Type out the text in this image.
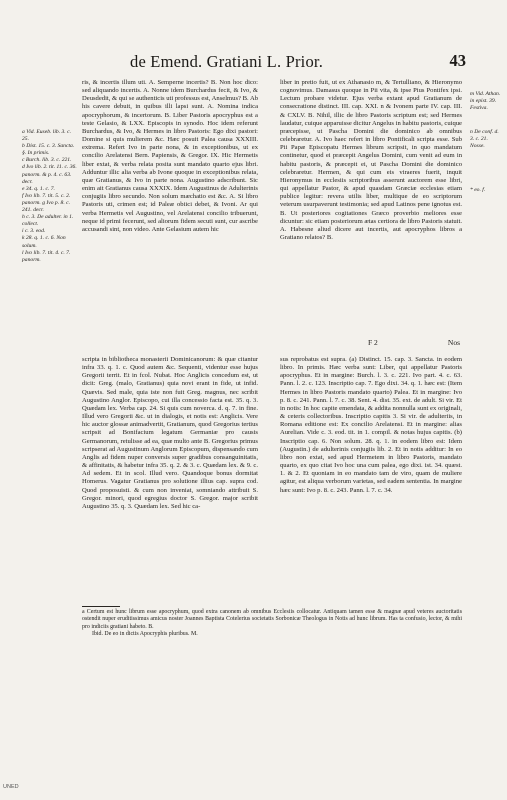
de Emend. Gratiani L. Prior.	43

a Vid. Euseb. lib. 3. c. 25.

b Dist. 15. c. 3. Sancta. §. In primis.

c Burch. lib. 3. c. 221.

d Ivo lib. 2. tit. 11. c. 36. panorm. & p. 4. c. 63. decr.

e 34. q. 1. c. 7.

f Ivo lib. 7. tit. 5. c. 2. panorm. g Ivo p. 8. c. 241. decr.

h c. 3. De adulter. in 1. collect.

i c. 3. eod.

k 28. q. 1. c. 6. Non solum.

l Ivo lib. 7. tit. 4. c. 7. panorm.

ris, & incertis illum uti. A. Semperne incertis? B. Non hoc dico: sed aliquando incertis. A. Nonne idem Burchardus fecit, & Ivo, & Deusdedit, & qui se authenticis uti professus est, Anselmus? B. Ab his cavere debuit, in quibus illi lapsi sunt. A. Nomina indica apocryphorum, & incertorum. B. Liber Pastoris apocryphus est a teste Gelasio, & LXX. Episcopis in synodo. Hoc idem referunt Burchardus, & Ivo, & Hermes in libro Pastoris: Ego dixi pastori: Domine si quis mulierem &c. Hæc posuit Palea causa XXXIII. extrema. Refert Ivo in parte nona, & in exceptionibus, ut ex concilio Arelatensi Bern. Papiensis, & Gregor. IX. Hic Hermetis liber extat, & verba relata posita sunt mandato quarto ejus libri. Adduntur illic alia verba ab Ivone quoque in exceptionibus relata, quæ Gratianus, & Ivo in parte nona. Augustino adscribunt. Sic enim ait Gratianus causa XXXIX. Idem Augustinus de Adulterinis conjugiis libro secundo. Non solum mæchatio est &c. A. Si libro Pastoris uti, crimen est; id Paleæ obiici debet, & Ivoni. Ar qui verba Hermetis vel Augustino, vel Arelatensi concilio tribuerunt, neque id primi fecerunt, sed aliorum fidem secuti sunt, cur ascribe accusandi sint, non video. Ante Gelasium autem hic

liber in pretio fuit, ut ex Athanasio m, & Tertulliano, & Hieronymo cognovimus. Damasus quoque in Pii vita, & ipse Pius Pontifex ipsi. Lectum probare videtur. Ejus verba extant apud Gratianum de consecratione distinct. III. cap. XXI. n & Ivonem parte IV. cap. III. & CXLV. B. Nihil, illic de libro Pastoris scriptum est; sed Hermes laudatur, cuique apparuisse dicitur Angelus in habitu pastoris, cuique præcepisse, ut Pascha Domini die dominico ab omnibus celebraretur. A. Ivo haec refert in libro Pontificali scripta esse. Sub Pii Papæ Episcopatu Hermes librum scripsit, in quo mandatum continetur, quod ei præcepit Angelus Domini, cum venit ad eum in habitu pastoris, & præcepit ei, ut Pascha Domini die dominico celebraretur. Hermen, & qui cum eis viraeres fuerit, inquit Hieronymus in ecclesiis scriptoribus asserunt auctorem esse libri, qui appellatur Pastor, & apud quasdam Græciæ ecclesias etiam publice legitur: revera utilis liber, multique de eo scriptorum veterum usurpaverunt testimonia; sed apud Latinos pene ignotus est. B. Ut posteriores cogitationes Græco proverbio meliores esse dicuntur: sic etiam posteriorum ætas certiora de libro Pastoris statuit. A. Habesne aliud dicere aut incertis, aut apocryphos libros a Gratiano relatos? B.

m Vid. Athan. in epist. 39. Festiva.

n De conf. d. 3. c. 21. Nosse.

* eo. f.

F 2	Nos

scripta in bibliotheca monasterii Dominicanorum: & quæ citantur infra 33. q. 1. c. Quod autem &c. Sequenti, videntur esse hujus Gregorii territ. Et in fcol. Nubat. Hoc Anglicis concedum est, ut dicit: Greg. (malo, Gratianus) quia novi erant in fide, ut infid. Quævis. Sed male, quia iste non fuit Greg. magnus, nec scribit Augustino Anglor. Episcopo, cui illa concessio facta est. 35. q. 3. Quædam lex. Verba cap. 24. Si quis cum noverca. d. q. 7. in fine. Illud vero Gregorii &c. ut in dialogis, et notis est: Anglicis. Vere hic auctor glossæ animadvertit, Gratianum, quod Gregorius tertius scripsit ad Bonifacium legatum Germaniæ pro causis Germanorum, retulisse ad ea, quæ multo ante B. Gregorius primus scripserat ad Augustinum Anglorum Episcopum, dispensando cum Anglis ad fidem nuper conversis super gradibus consanguinitatis, & affinitatis, & habetur infra 35. q. 2. & 3. c. Quædam lex. & 9. c. Ad sedem. Et in scol. Illud vero. Quandoque bonus dormitat Homerus. Vagatur Gratianus pro solutione illius cap. supra cod. Quod proposuisti. & cum non inveniat, somniando attribuit S. Gregor. minori, quod egregius doctor S. Gregor. major scribit Augustino 35. q. 3. Quædam lex. Sed hic ca-

sus reprobatus est supra. (a) Distinct. 15. cap. 3. Sancta. in eodem libro. In primis. Hæc verba sunt: Liber, qui appellatur Pastoris apocryphus. Et in margine: Burch. l. 3. c. 221. Ivo part. 4. c. 63. Pann. l. 2. c. 123. Inscriptio cap. 7. Ego dixi. 34. q. 1. hæc est: (Item Hermes in libro Pastoris mandato quarto) Palea. Et in margine: Ivo p. 8. c. 241. Pann. l. 7. c. 38. Sent. 4. dist. 35. ext. de adult. Si vir. Et in notis: In hoc capite emendata, & addita nonnulla sunt ex originali, & ceteris collectoribus. Inscriptio capitis 3. Si vir. de adulteriis, in Romana editione est: Ex concilio Arelatensi. Et in margine: alias Aurelian. Vide c. 3. eod. tit. in 1. compil. & notas hujus capitis. (b) Inscriptio cap. 6. Non solum. 28. q. 1. in eodem libro est: Idem (Augustin.) de adulterinis conjugiis lib. 2. Et in notis additur: In eo libro non extat, sed apud Hermetem in libro Pastoris, mandato quarto, ex quo citat Ivo hoc una cum palea, ego dixi. ist. 34. quæst. 1. & 2. Et quoniam in eo mandato tam de viro, quam de muliere agitur, est aliqua verborum varietas, sed eadem sententia. In margine hæc sunt: Ivo p. 8. c. 243. Pann. l. 7. c. 34.

a Certum est hunc librum esse apocryphum, quod extra canonem ab omnibus Ecclesiis collocatur. Antiquam tamen esse & magnæ apud veteres auctoritatis ostendit nuper eruditissimus amicus noster Joannes Baptista Cotelerius societatis Sorbonicæ Theologus in Notis ad hunc librum. Has ta confusio, lector, & mihi pro indiciis gratiani habeto. B.

Ibid. De eo in dictis Apocryphis pluribus. M.

UNED
